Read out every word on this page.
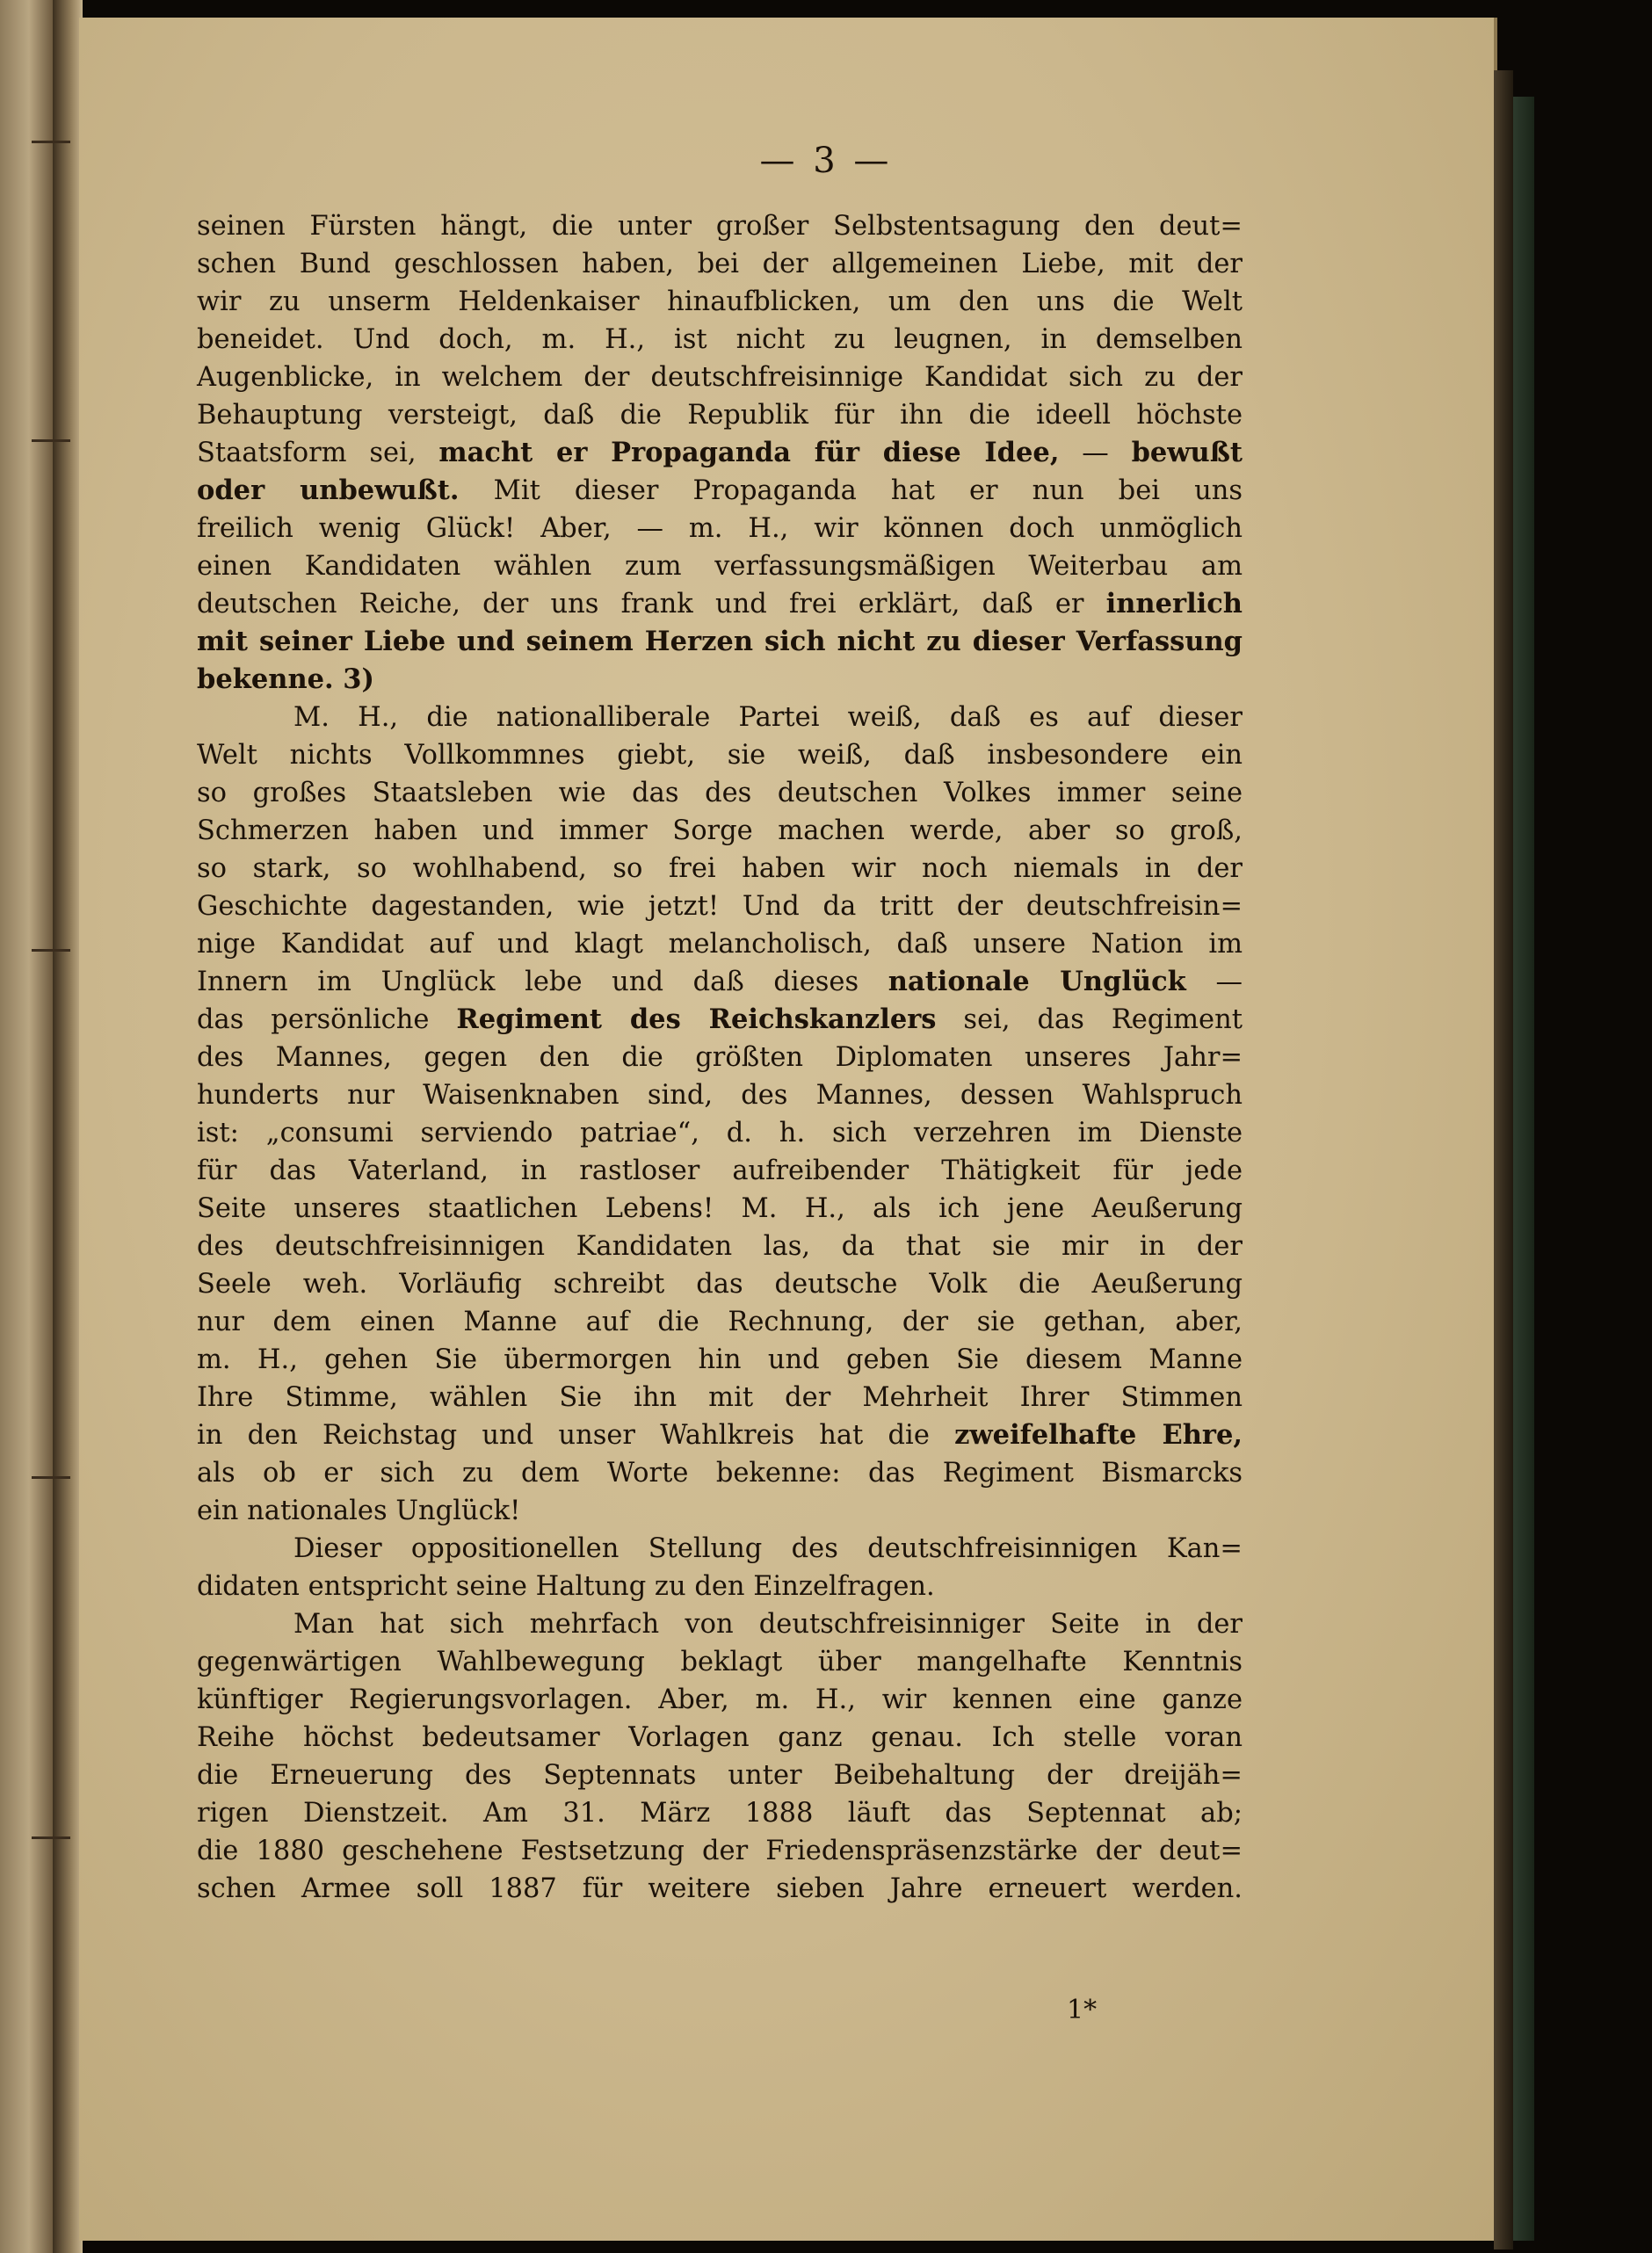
— 3 —
seinen Fürsten hängt, die unter großer Selbstentsagung den deut=
schen Bund geschlossen haben, bei der allgemeinen Liebe, mit der
wir zu unserm Heldenkaiser hinaufblicken, um den uns die Welt
beneidet. Und doch, m. H., ist nicht zu leugnen, in demselben
Augenblicke, in welchem der deutschfreisinnige Kandidat sich zu der
Behauptung versteigt, daß die Republik für ihn die ideell höchste
Staatsform sei, macht er Propaganda für diese Idee, — bewußt
oder unbewußt. Mit dieser Propaganda hat er nun bei uns
freilich wenig Glück! Aber, — m. H., wir können doch unmöglich
einen Kandidaten wählen zum verfassungsmäßigen Weiterbau am
deutschen Reiche, der uns frank und frei erklärt, daß er innerlich
mit seiner Liebe und seinem Herzen sich nicht zu dieser Verfassung
bekenne. 3)
M. H., die nationalliberale Partei weiß, daß es auf dieser
Welt nichts Vollkommnes giebt, sie weiß, daß insbesondere ein
so großes Staatsleben wie das des deutschen Volkes immer seine
Schmerzen haben und immer Sorge machen werde, aber so groß,
so stark, so wohlhabend, so frei haben wir noch niemals in der
Geschichte dagestanden, wie jetzt! Und da tritt der deutschfreisin=
nige Kandidat auf und klagt melancholisch, daß unsere Nation im
Innern im Unglück lebe und daß dieses nationale Unglück —
das persönliche Regiment des Reichskanzlers sei, das Regiment
des Mannes, gegen den die größten Diplomaten unseres Jahr=
hunderts nur Waisenknaben sind, des Mannes, dessen Wahlspruch
ist: „consumi serviendo patriae“, d. h. sich verzehren im Dienste
für das Vaterland, in rastloser aufreibender Thätigkeit für jede
Seite unseres staatlichen Lebens! M. H., als ich jene Aeußerung
des deutschfreisinnigen Kandidaten las, da that sie mir in der
Seele weh. Vorläufig schreibt das deutsche Volk die Aeußerung
nur dem einen Manne auf die Rechnung, der sie gethan, aber,
m. H., gehen Sie übermorgen hin und geben Sie diesem Manne
Ihre Stimme, wählen Sie ihn mit der Mehrheit Ihrer Stimmen
in den Reichstag und unser Wahlkreis hat die zweifelhafte Ehre,
als ob er sich zu dem Worte bekenne: das Regiment Bismarcks
ein nationales Unglück!
Dieser oppositionellen Stellung des deutschfreisinnigen Kan=
didaten entspricht seine Haltung zu den Einzelfragen.
Man hat sich mehrfach von deutschfreisinniger Seite in der
gegenwärtigen Wahlbewegung beklagt über mangelhafte Kenntnis
künftiger Regierungsvorlagen. Aber, m. H., wir kennen eine ganze
Reihe höchst bedeutsamer Vorlagen ganz genau. Ich stelle voran
die Erneuerung des Septennats unter Beibehaltung der dreijäh=
rigen Dienstzeit. Am 31. März 1888 läuft das Septennat ab;
die 1880 geschehene Festsetzung der Friedenspräsenzstärke der deut=
schen Armee soll 1887 für weitere sieben Jahre erneuert werden.
1*
